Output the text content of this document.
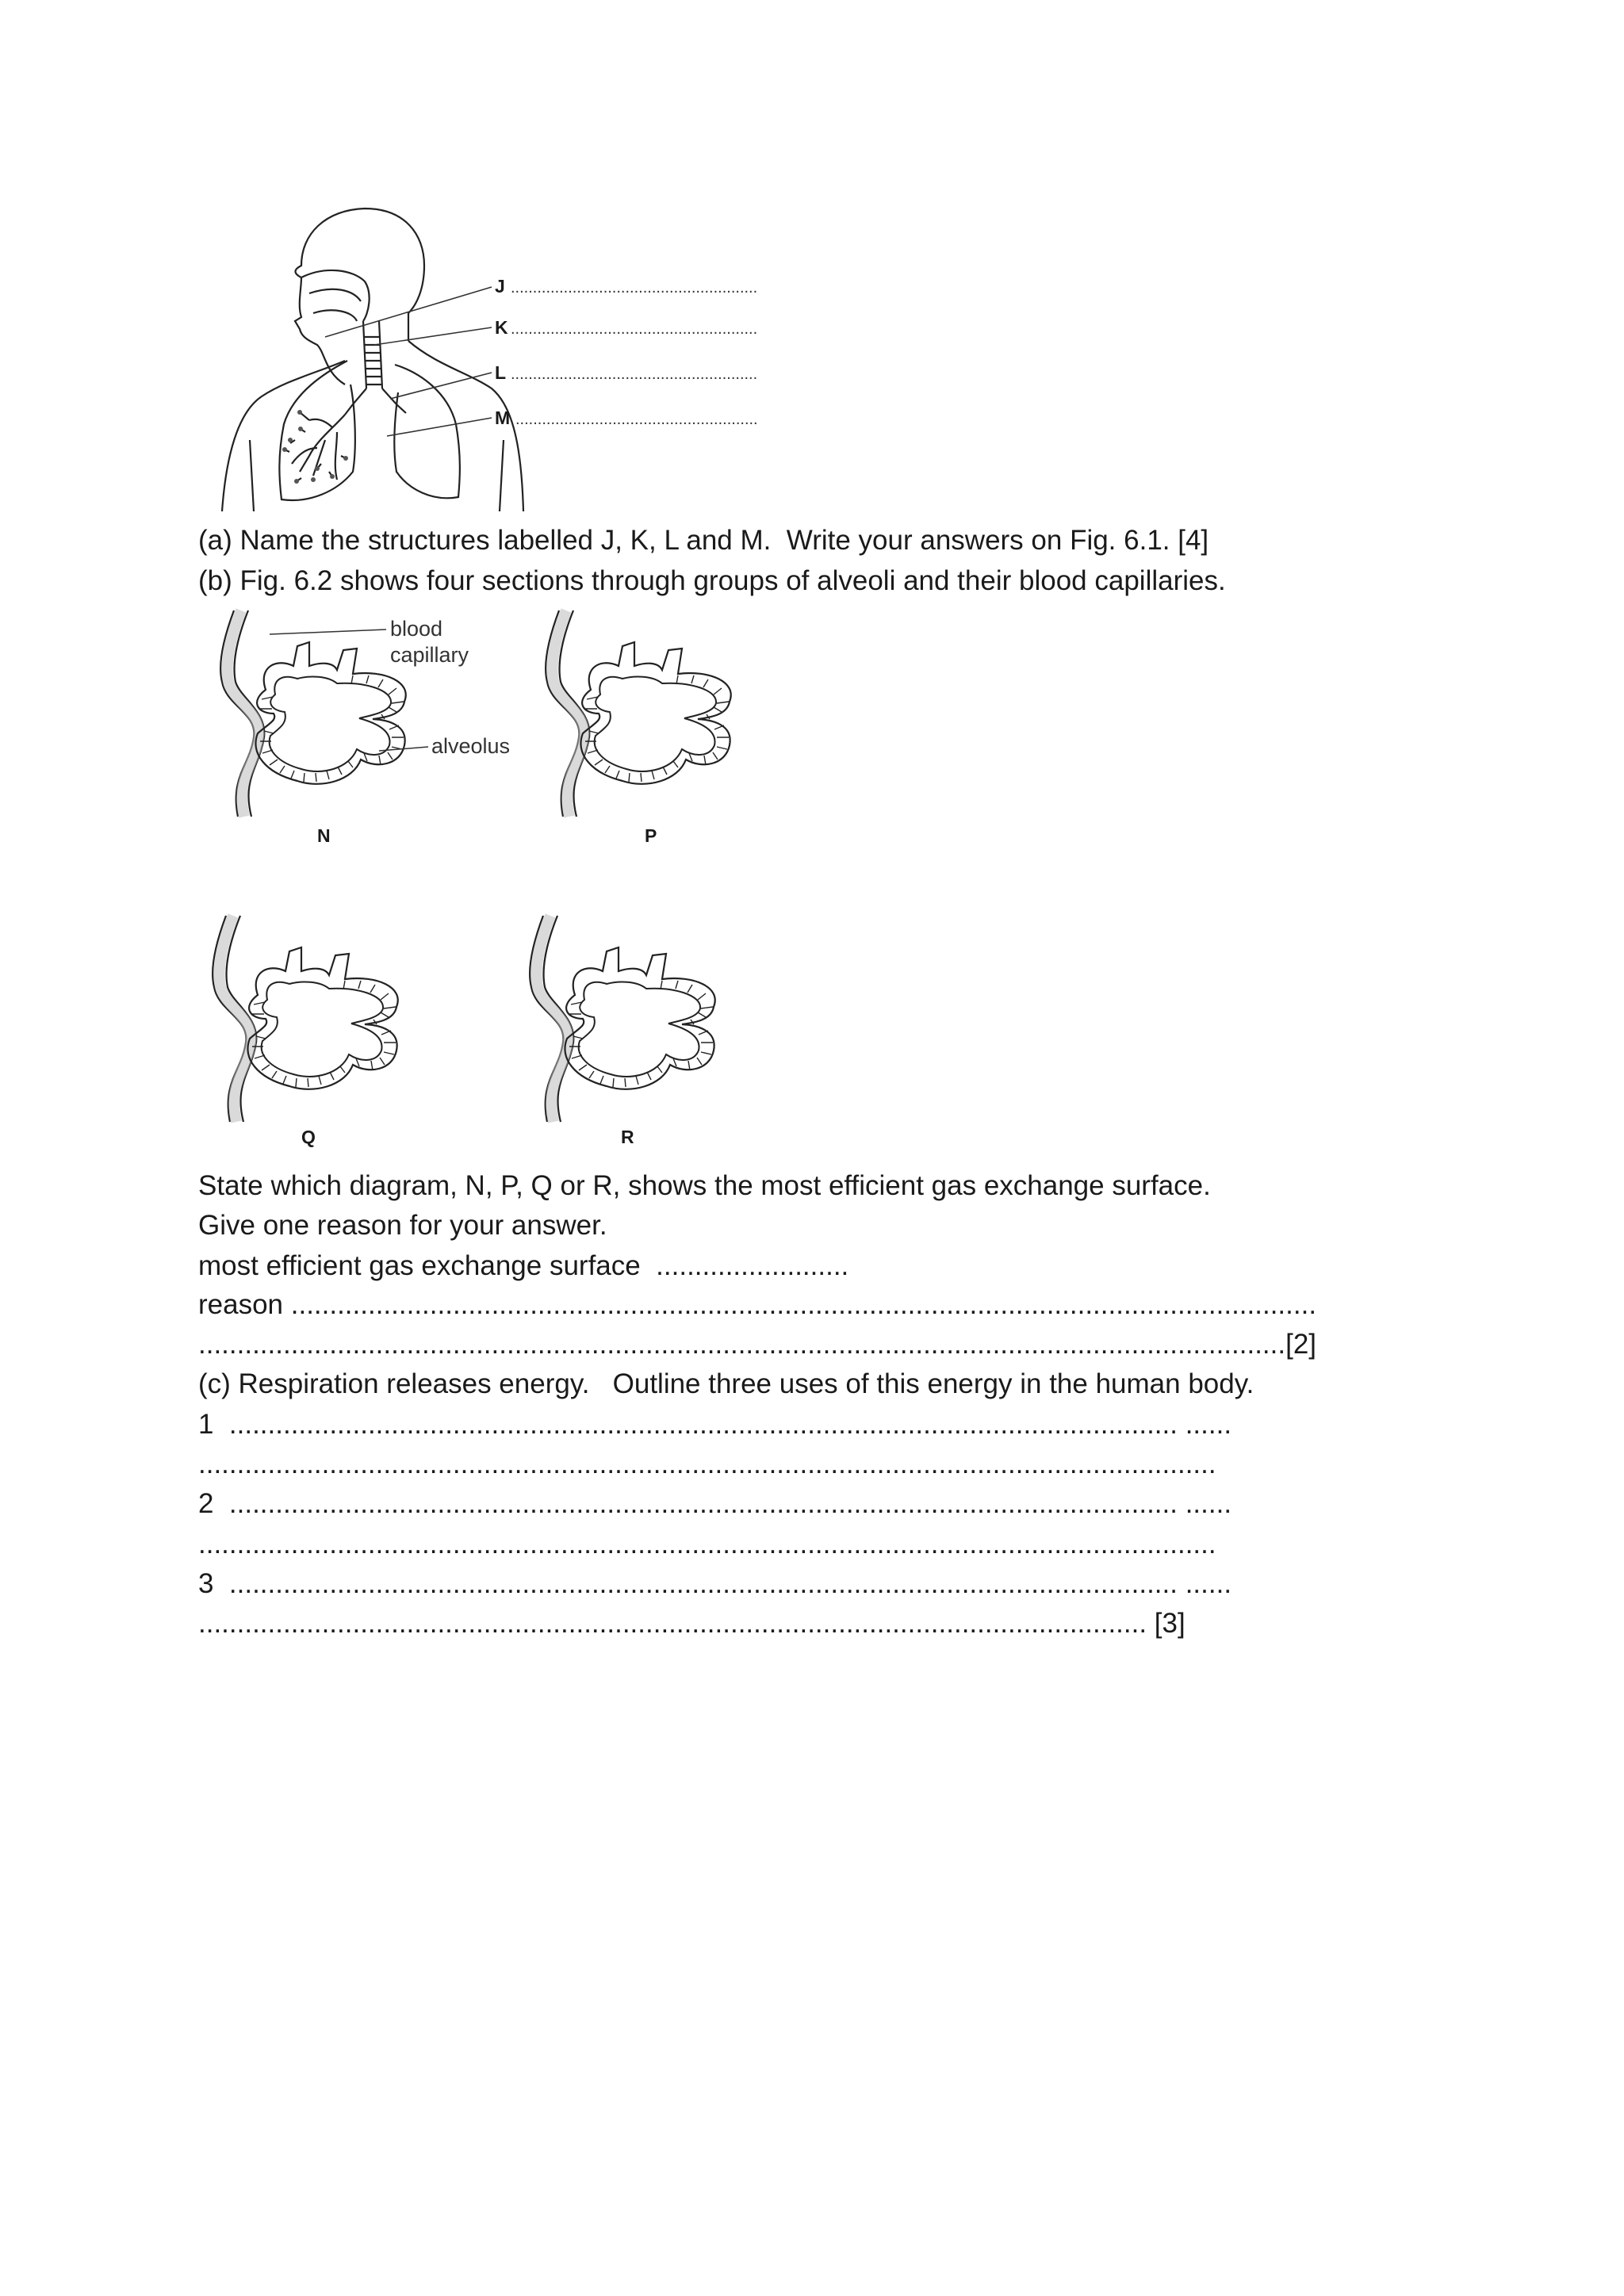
J ........................................................
K ........................................................
L ........................................................
M .......................................................
(a) Name the structures labelled J, K, L and M.  Write your answers on Fig. 6.1. [4]
(b) Fig. 6.2 shows four sections through groups of alveoli and their blood capillaries.
blood
capillary
alveolus
N	P
Q	R
State which diagram, N, P, Q or R, shows the most efficient gas exchange surface.
Give one reason for your answer.
most efficient gas exchange surface  .........................
reason .....................................................................................................................................
.............................................................................................................................................[2]
(c) Respiration releases energy.   Outline three uses of this energy in the human body.
1  ........................................................................................................................... ......
....................................................................................................................................
2  ........................................................................................................................... ......
....................................................................................................................................
3  ........................................................................................................................... ......
........................................................................................................................... [3]
